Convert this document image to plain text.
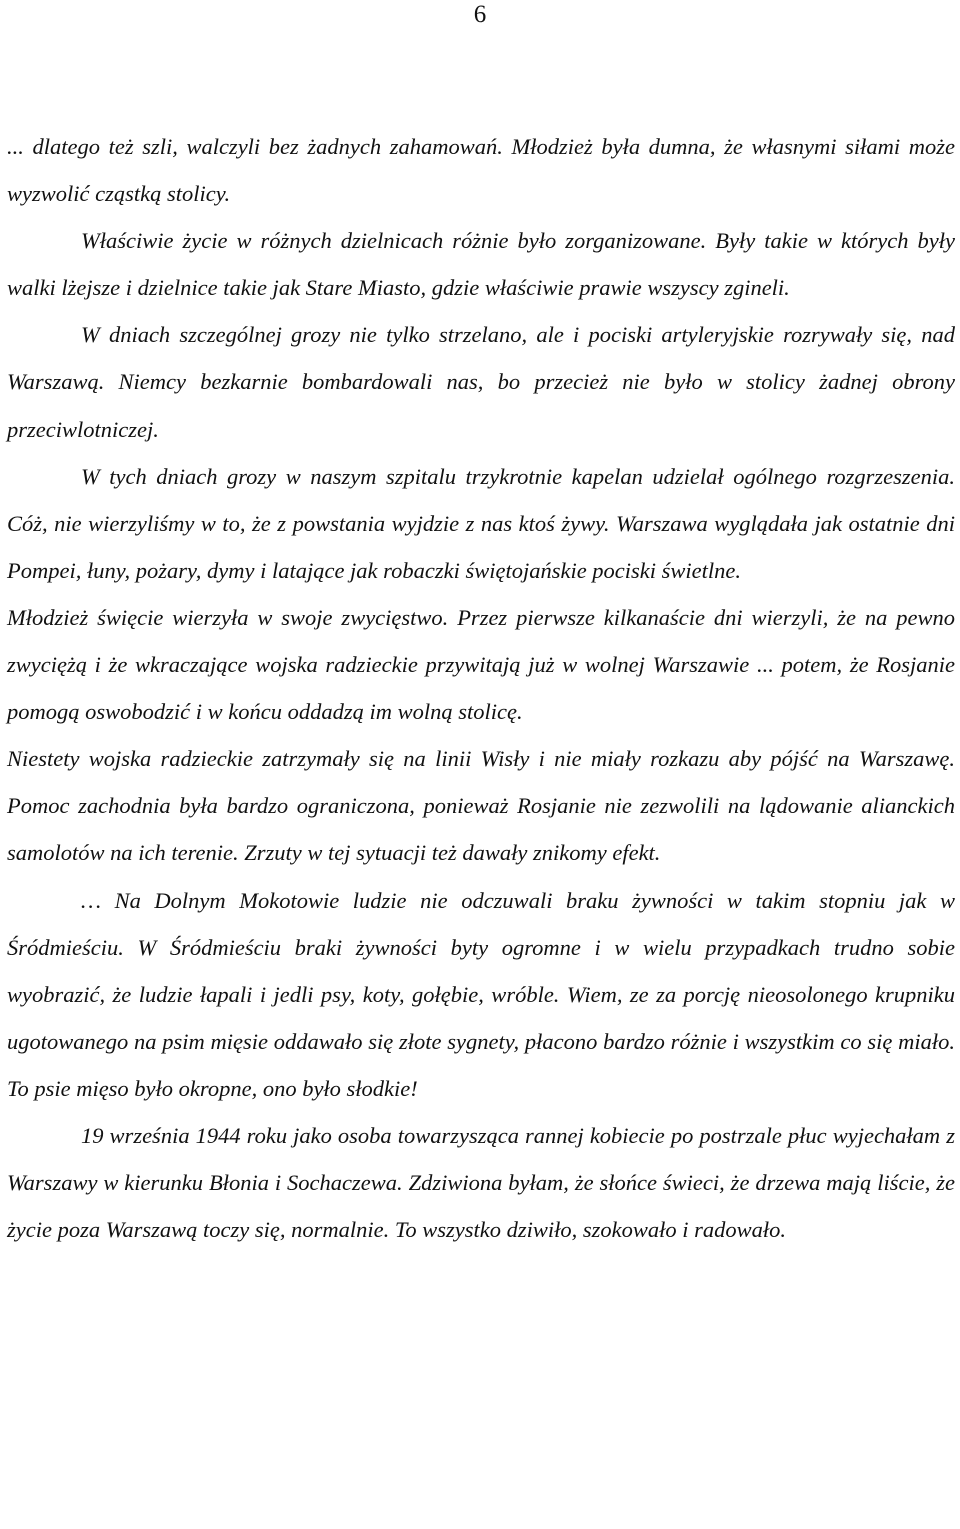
6

... dlatego też szli, walczyli bez żadnych zahamowań. Młodzież była dumna, że własnymi siłami może wyzwolić cząstką stolicy.

Właściwie życie w różnych dzielnicach różnie było zorganizowane. Były takie w których były walki lżejsze i dzielnice takie jak Stare Miasto, gdzie właściwie prawie wszyscy zgineli.

W dniach szczególnej grozy nie tylko strzelano, ale i pociski artyleryjskie rozrywały się, nad Warszawą. Niemcy bezkarnie bombardowali nas, bo przecież nie było w stolicy żadnej obrony przeciwlotniczej.

W tych dniach grozy w naszym szpitalu trzykrotnie kapelan udzielał ogólnego rozgrzeszenia. Cóż, nie wierzyliśmy w to, że z powstania wyjdzie z nas ktoś żywy. Warszawa wyglądała jak ostatnie dni Pompei, łuny, pożary, dymy i latające jak robaczki świętojańskie pociski świetlne.

Młodzież święcie wierzyła w swoje zwycięstwo. Przez pierwsze kilkanaście dni wierzyli, że na pewno zwyciężą i że wkraczające wojska radzieckie przywitają już w wolnej Warszawie ... potem, że Rosjanie pomogą oswobodzić i w końcu oddadzą im wolną stolicę.

Niestety wojska radzieckie zatrzymały się na linii Wisły i nie miały rozkazu aby pójść na Warszawę. Pomoc zachodnia była bardzo ograniczona, ponieważ Rosjanie nie zezwolili na lądowanie alianckich samolotów na ich terenie. Zrzuty w tej sytuacji też dawały znikomy efekt.

… Na Dolnym Mokotowie ludzie nie odczuwali braku żywności w takim stopniu jak w Śródmieściu. W Śródmieściu braki żywności byty ogromne i w wielu przypadkach trudno sobie wyobrazić, że ludzie łapali i jedli psy, koty, gołębie, wróble. Wiem, ze za porcję nieosolonego krupniku ugotowanego na psim mięsie oddawało się złote sygnety, płacono bardzo różnie i wszystkim co się miało. To psie mięso było okropne, ono było słodkie!

19 września 1944 roku jako osoba towarzysząca rannej kobiecie po postrzale płuc wyjechałam z Warszawy w kierunku Błonia i Sochaczewa. Zdziwiona byłam, że słońce świeci, że drzewa mają liście, że życie poza Warszawą toczy się, normalnie. To wszystko dziwiło, szokowało i radowało.
